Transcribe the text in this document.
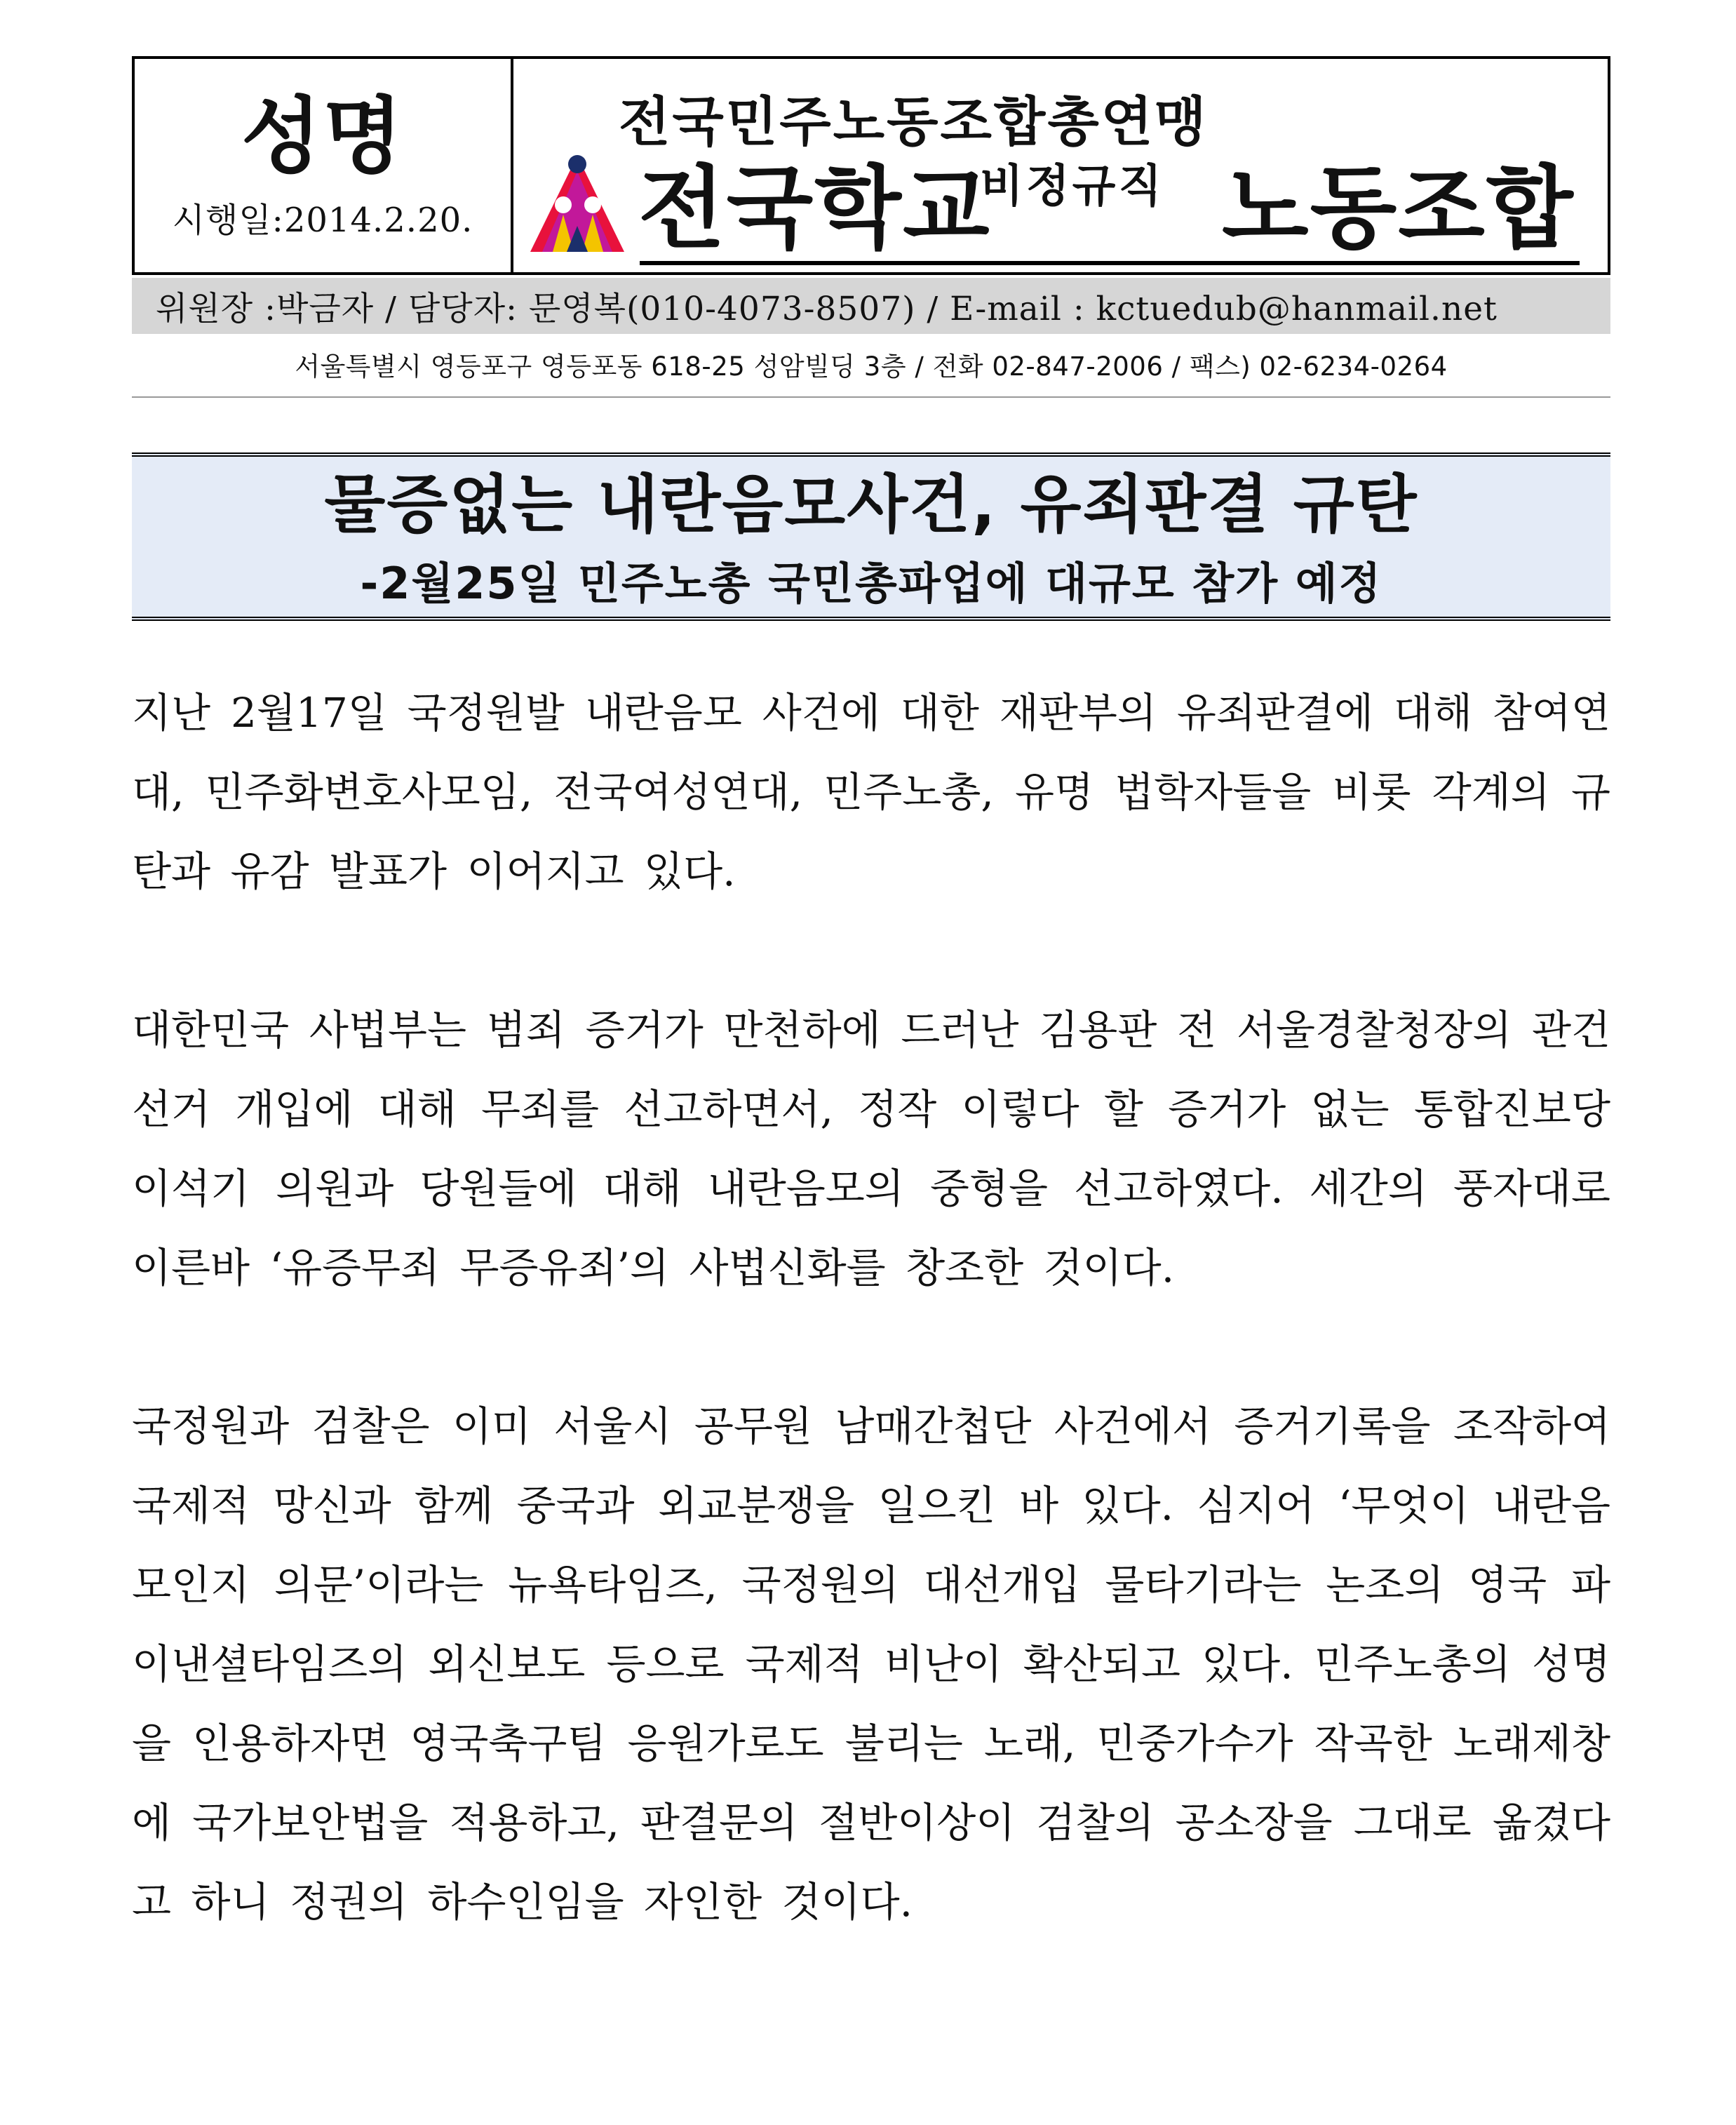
성명
시행일:2014.2.20.
전국민주노동조합총연맹
전국학교
비정규직 노동조합
위원장 :박금자 / 담당자: 문영복(010-4073-8507) / E-mail : kctuedub@hanmail.net
서울특별시 영등포구 영등포동 618-25 성암빌딩 3층 / 전화 02-847-2006 / 팩스) 02-6234-0264
물증없는 내란음모사건, 유죄판결 규탄
-2월25일 민주노총 국민총파업에 대규모 참가 예정

지난 2월17일 국정원발 내란음모 사건에 대한 재판부의 유죄판결에 대해 참여연대, 민주화변호사모임, 전국여성연대, 민주노총, 유명 법학자들을 비롯 각계의 규탄과 유감 발표가 이어지고 있다.

대한민국 사법부는 범죄 증거가 만천하에 드러난 김용판 전 서울경찰청장의 관건선거 개입에 대해 무죄를 선고하면서, 정작 이렇다 할 증거가 없는 통합진보당 이석기 의원과 당원들에 대해 내란음모의 중형을 선고하였다. 세간의 풍자대로 이른바 ‘유증무죄 무증유죄’의 사법신화를 창조한 것이다.

국정원과 검찰은 이미 서울시 공무원 남매간첩단 사건에서 증거기록을 조작하여 국제적 망신과 함께 중국과 외교분쟁을 일으킨 바 있다. 심지어 ‘무엇이 내란음모인지 의문’이라는 뉴욕타임즈, 국정원의 대선개입 물타기라는 논조의 영국 파이낸셜타임즈의 외신보도 등으로 국제적 비난이 확산되고 있다. 민주노총의 성명을 인용하자면 영국축구팀 응원가로도 불리는 노래, 민중가수가 작곡한 노래제창에 국가보안법을 적용하고, 판결문의 절반이상이 검찰의 공소장을 그대로 옮겼다고 하니 정권의 하수인임을 자인한 것이다.
